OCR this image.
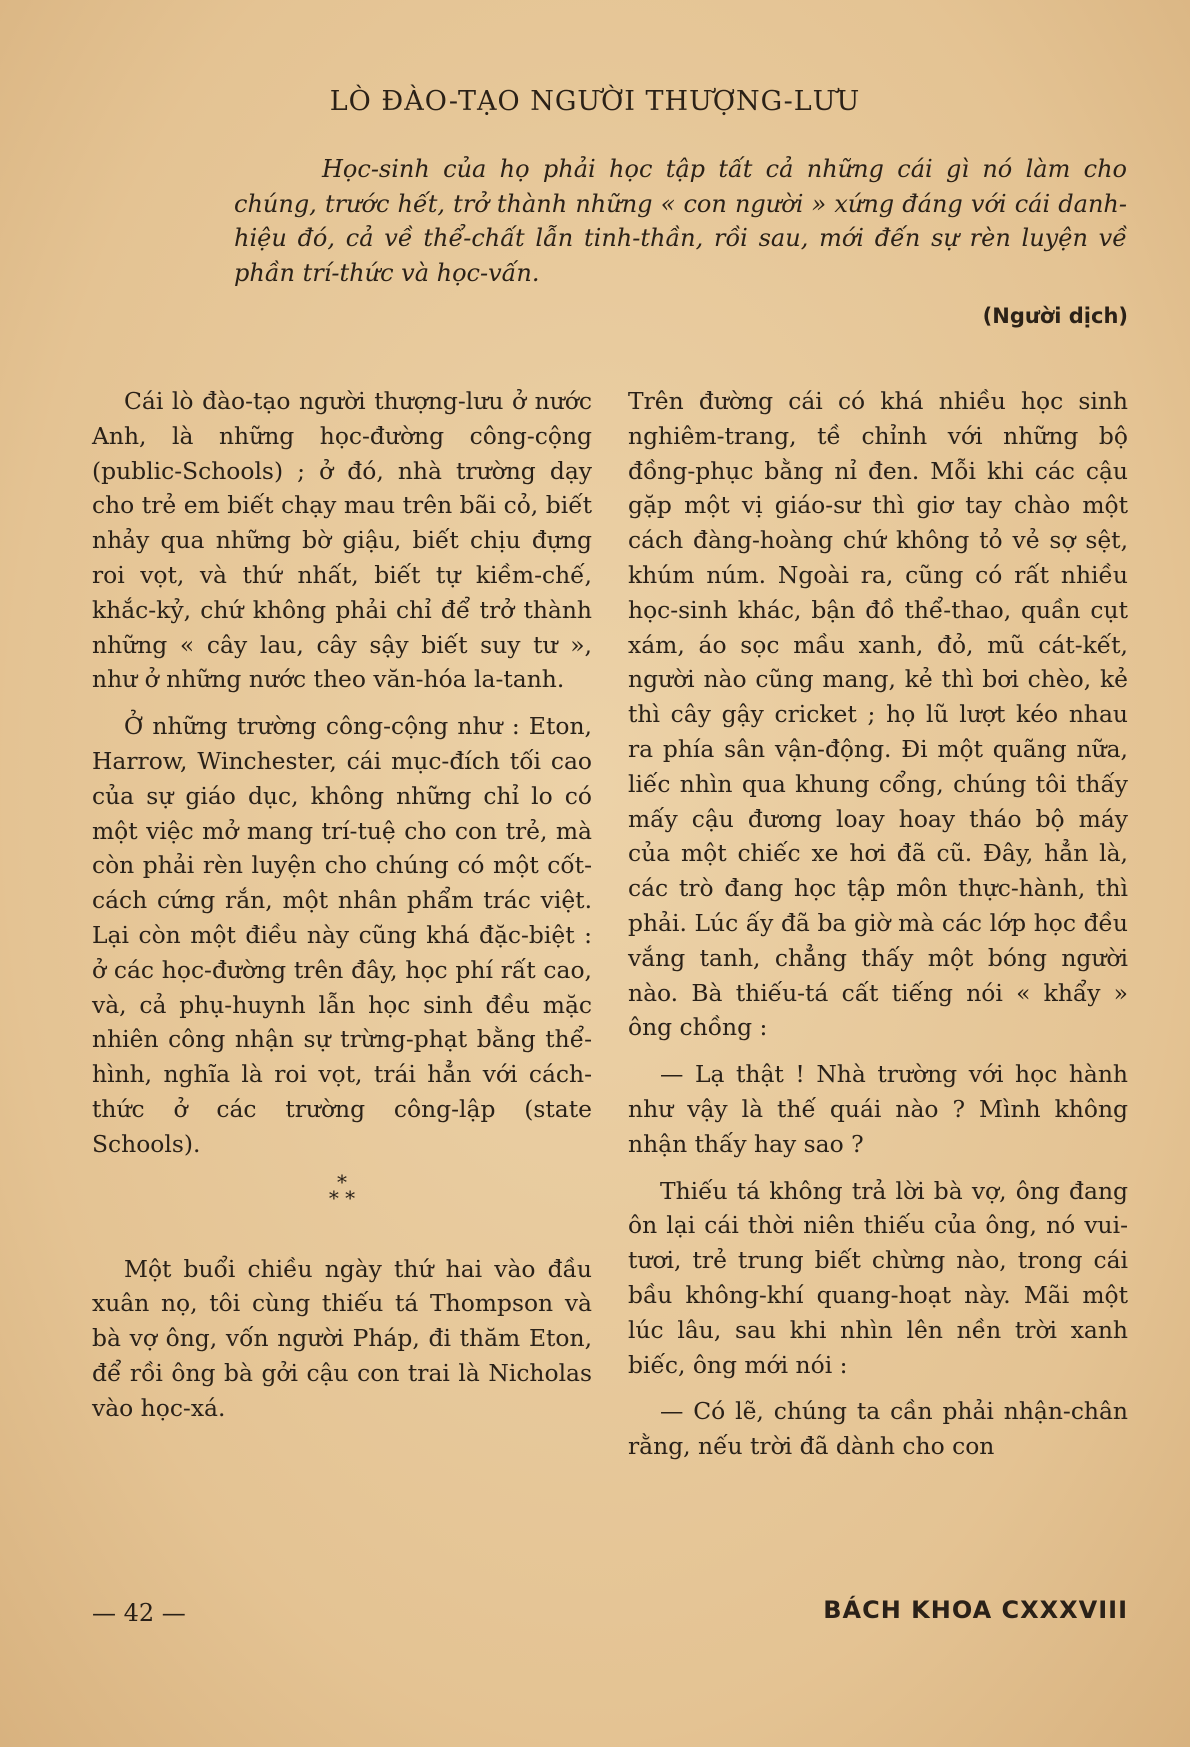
LÒ ĐÀO-TẠO NGƯỜI THƯỢNG-LƯU
Học-sinh của họ phải học tập tất cả những cái gì nó làm cho chúng, trước hết, trở thành những « con người » xứng đáng với cái danh-hiệu đó, cả về thể-chất lẫn tinh-thần, rồi sau, mới đến sự rèn luyện về phần trí-thức và học-vấn.
(Người dịch)

Cái lò đào-tạo người thượng-lưu ở nước Anh, là những học-đường công-cộng (public-Schools) ; ở đó, nhà trường dạy cho trẻ em biết chạy mau trên bãi cỏ, biết nhảy qua những bờ giậu, biết chịu đựng roi vọt, và thứ nhất, biết tự kiềm-chế, khắc-kỷ, chứ không phải chỉ để trở thành những « cây lau, cây sậy biết suy tư », như ở những nước theo văn-hóa la-tanh.

Ở những trường công-cộng như : Eton, Harrow, Winchester, cái mục-đích tối cao của sự giáo dục, không những chỉ lo có một việc mở mang trí-tuệ cho con trẻ, mà còn phải rèn luyện cho chúng có một cốt-cách cứng rắn, một nhân phẩm trác việt. Lại còn một điều này cũng khá đặc-biệt : ở các học-đường trên đây, học phí rất cao, và, cả phụ-huynh lẫn học sinh đều mặc nhiên công nhận sự trừng-phạt bằng thể-hình, nghĩa là roi vọt, trái hẳn với cách-thức ở các trường công-lập (state Schools).

*
* *

Một buổi chiều ngày thứ hai vào đầu xuân nọ, tôi cùng thiếu tá Thompson và bà vợ ông, vốn người Pháp, đi thăm Eton, để rồi ông bà gởi cậu con trai là Nicholas vào học-xá.

Trên đường cái có khá nhiều học sinh nghiêm-trang, tề chỉnh với những bộ đồng-phục bằng nỉ đen. Mỗi khi các cậu gặp một vị giáo-sư thì giơ tay chào một cách đàng-hoàng chứ không tỏ vẻ sợ sệt, khúm núm. Ngoài ra, cũng có rất nhiều học-sinh khác, bận đồ thể-thao, quần cụt xám, áo sọc mầu xanh, đỏ, mũ cát-kết, người nào cũng mang, kẻ thì bơi chèo, kẻ thì cây gậy cricket ; họ lũ lượt kéo nhau ra phía sân vận-động. Đi một quãng nữa, liếc nhìn qua khung cổng, chúng tôi thấy mấy cậu đương loay hoay tháo bộ máy của một chiếc xe hơi đã cũ. Đây, hẳn là, các trò đang học tập môn thực-hành, thì phải. Lúc ấy đã ba giờ mà các lớp học đều vắng tanh, chẳng thấy một bóng người nào. Bà thiếu-tá cất tiếng nói « khẩy » ông chồng :

— Lạ thật ! Nhà trường với học hành như vậy là thế quái nào ? Mình không nhận thấy hay sao ?

Thiếu tá không trả lời bà vợ, ông đang ôn lại cái thời niên thiếu của ông, nó vui-tươi, trẻ trung biết chừng nào, trong cái bầu không-khí quang-hoạt này. Mãi một lúc lâu, sau khi nhìn lên nền trời xanh biếc, ông mới nói :

— Có lẽ, chúng ta cần phải nhận-chân rằng, nếu trời đã dành cho con

— 42 —	BÁCH KHOA CXXXVIII
